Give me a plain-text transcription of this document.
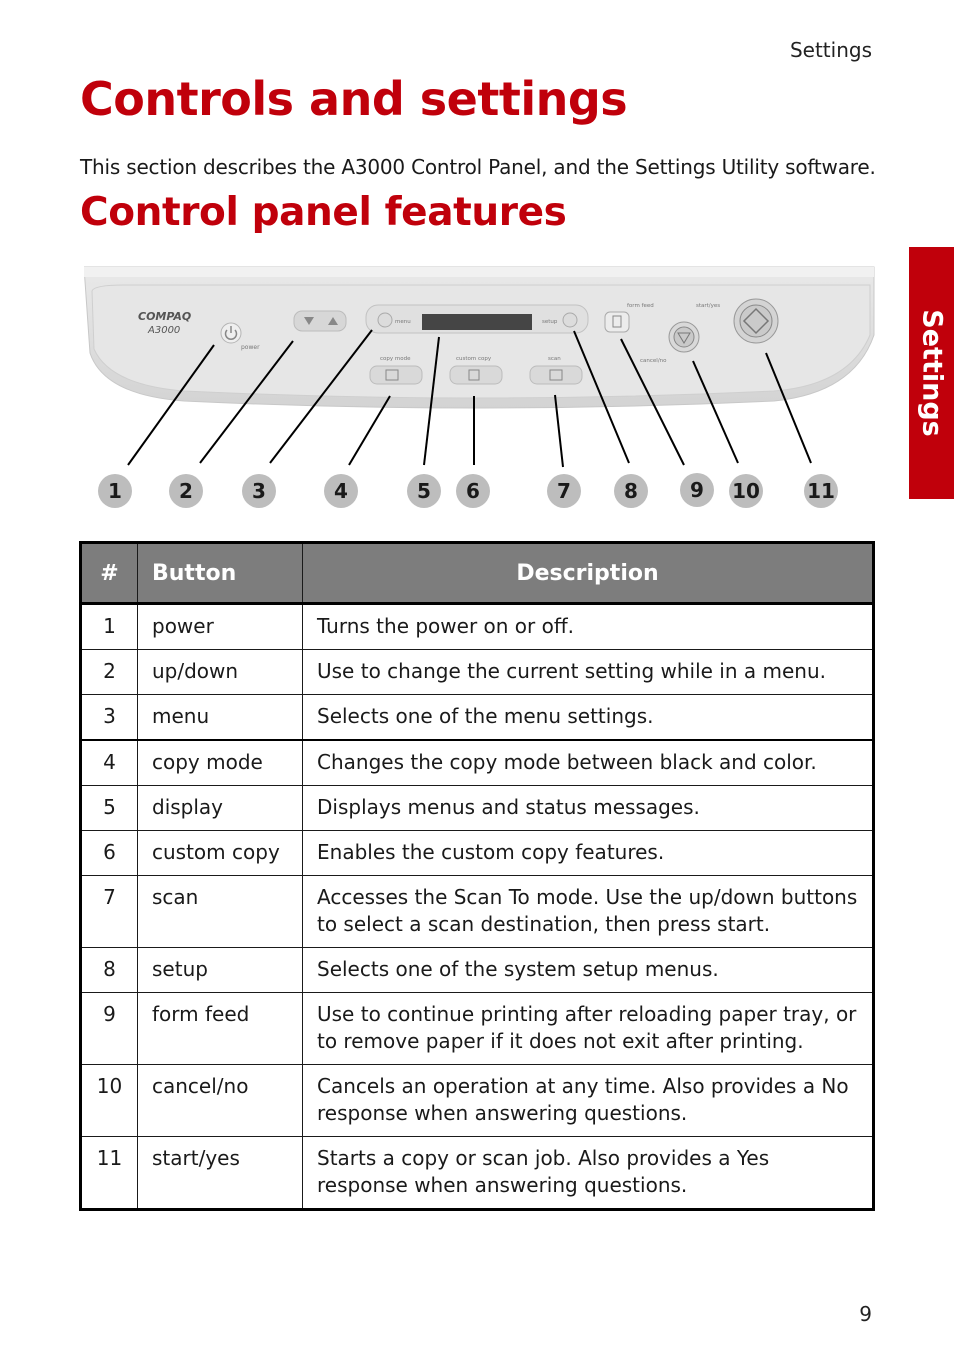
Settings
Controls and settings

This section describes the A3000 Control Panel, and the Settings Utility software.

Control panel features
Settings
COMPAQ
A3000
power
menu	setup
copy mode	custom copy	scan
form feed	start/yes
cancel/no
1	2	3	4	5 6	7	8	9 10 11
#	Button	Description
1	power	Turns the power on or off.
2	up/down	Use to change the current setting while in a menu.
3	menu	Selects one of the menu settings.
4	copy mode	Changes the copy mode between black and color.
5	display	Displays menus and status messages.
6	custom copy	Enables the custom copy features.
7	scan	Accesses the Scan To mode. Use the up/down buttons to select a scan destination, then press start.
8	setup	Selects one of the system setup menus.
9	form feed	Use to continue printing after reloading paper tray, or to remove paper if it does not exit after printing.
10	cancel/no	Cancels an operation at any time. Also provides a No response when answering questions.
11	start/yes	Starts a copy or scan job. Also provides a Yes response when answering questions.
9
